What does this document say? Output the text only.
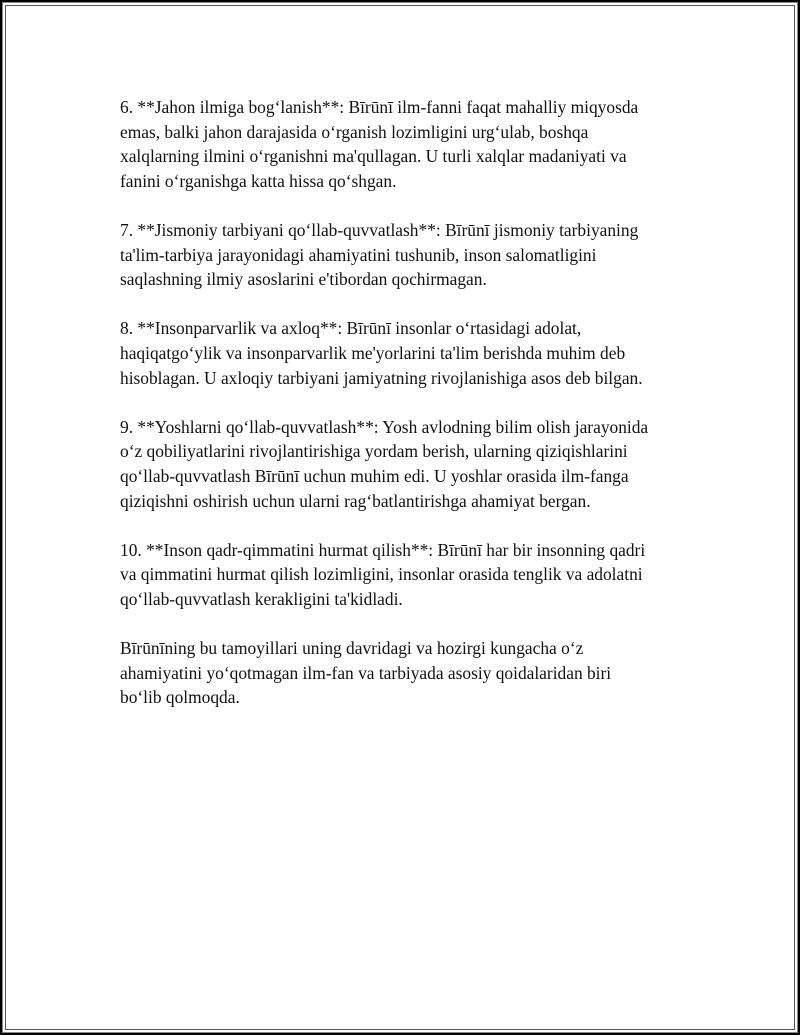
6. **Jahon ilmiga bog‘lanish**: Bīrūnī ilm-fanni faqat mahalliy miqyosda
emas, balki jahon darajasida o‘rganish lozimligini urg‘ulab, boshqa
xalqlarning ilmini o‘rganishni ma'qullagan. U turli xalqlar madaniyati va
fanini o‘rganishga katta hissa qo‘shgan.

7. **Jismoniy tarbiyani qo‘llab-quvvatlash**: Bīrūnī jismoniy tarbiyaning
ta'lim-tarbiya jarayonidagi ahamiyatini tushunib, inson salomatligini
saqlashning ilmiy asoslarini e'tibordan qochirmagan.

8. **Insonparvarlik va axloq**: Bīrūnī insonlar o‘rtasidagi adolat,
haqiqatgo‘ylik va insonparvarlik me'yorlarini ta'lim berishda muhim deb
hisoblagan. U axloqiy tarbiyani jamiyatning rivojlanishiga asos deb bilgan.

9. **Yoshlarni qo‘llab-quvvatlash**: Yosh avlodning bilim olish jarayonida
o‘z qobiliyatlarini rivojlantirishiga yordam berish, ularning qiziqishlarini
qo‘llab-quvvatlash Bīrūnī uchun muhim edi. U yoshlar orasida ilm-fanga
qiziqishni oshirish uchun ularni rag‘batlantirishga ahamiyat bergan.

10. **Inson qadr-qimmatini hurmat qilish**: Bīrūnī har bir insonning qadri
va qimmatini hurmat qilish lozimligini, insonlar orasida tenglik va adolatni
qo‘llab-quvvatlash kerakligini ta'kidladi.

Bīrūnīning bu tamoyillari uning davridagi va hozirgi kungacha o‘z
ahamiyatini yo‘qotmagan ilm-fan va tarbiyada asosiy qoidalaridan biri
bo‘lib qolmoqda.
